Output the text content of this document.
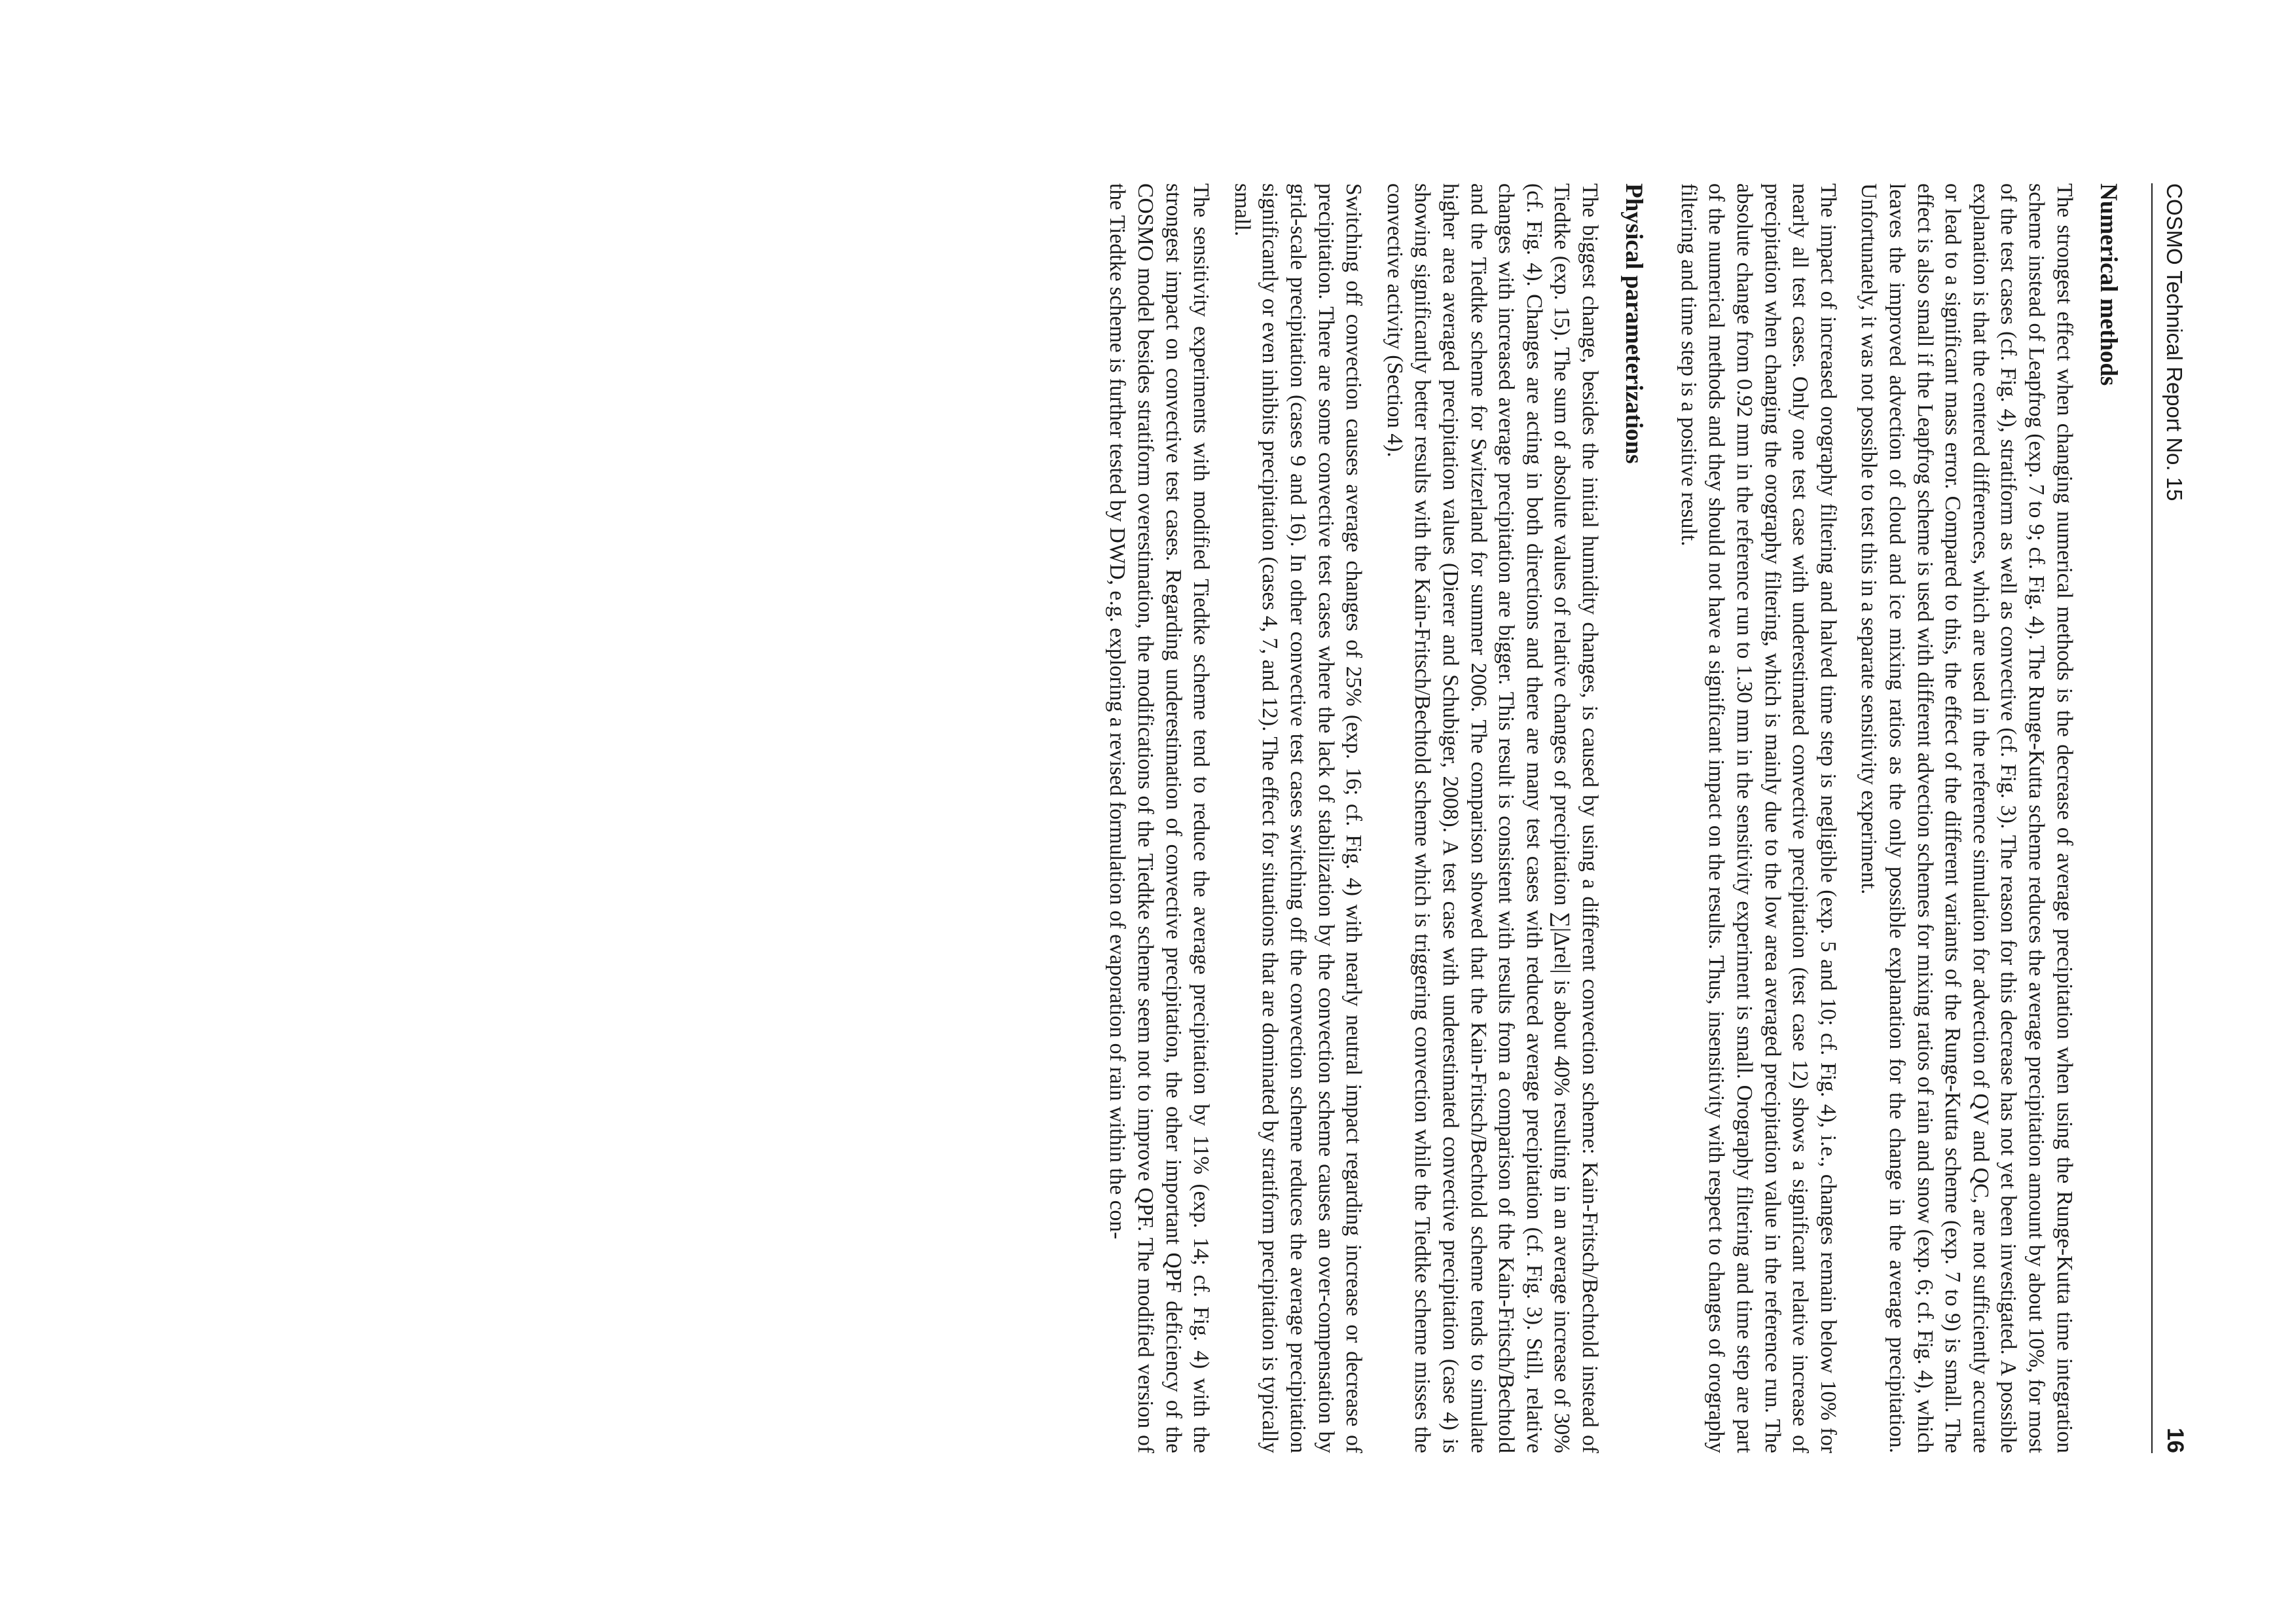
COSMO Technical Report No. 15
16
Numerical methods

The strongest effect when changing numerical methods is the decrease of average precipitation when using the Runge-Kutta time integration scheme instead of Leapfrog (exp. 7 to 9; cf. Fig. 4). The Runge-Kutta scheme reduces the average precipitation amount by about 10%, for most of the test cases (cf. Fig. 4), stratiform as well as convective (cf. Fig. 3). The reason for this decrease has not yet been investigated. A possible explanation is that the centered differences, which are used in the reference simulation for advection of QV and QC, are not sufficiently accurate or lead to a significant mass error. Compared to this, the effect of the different variants of the Runge-Kutta scheme (exp. 7 to 9) is small. The effect is also small if the Leapfrog scheme is used with different advection schemes for mixing ratios of rain and snow (exp. 6; cf. Fig. 4), which leaves the improved advection of cloud and ice mixing ratios as the only possible explanation for the change in the average precipitation. Unfortunately, it was not possible to test this in a separate sensitivity experiment.

The impact of increased orography filtering and halved time step is negligible (exp. 5 and 10; cf. Fig. 4), i.e., changes remain below 10% for nearly all test cases. Only one test case with underestimated convective precipitation (test case 12) shows a significant relative increase of precipitation when changing the orography filtering, which is mainly due to the low area averaged precipitation value in the reference run. The absolute change from 0.92 mm in the reference run to 1.30 mm in the sensitivity experiment is small. Orography filtering and time step are part of the numerical methods and they should not have a significant impact on the results. Thus, insensitivity with respect to changes of orography filtering and time step is a positive result.

Physical parameterizations

The biggest change, besides the initial humidity changes, is caused by using a different convection scheme: Kain-Fritsch/Bechtold instead of Tiedtke (exp. 15). The sum of absolute values of relative changes of precipitation ∑|Δrel| is about 40% resulting in an average increase of 30% (cf. Fig. 4). Changes are acting in both directions and there are many test cases with reduced average precipitation (cf. Fig. 3). Still, relative changes with increased average precipitation are bigger. This result is consistent with results from a comparison of the Kain-Fritsch/Bechtold and the Tiedtke scheme for Switzerland for summer 2006. The comparison showed that the Kain-Fritsch/Bechtold scheme tends to simulate higher area averaged precipitation values (Dierer and Schubiger, 2008). A test case with underestimated convective precipitation (case 4) is showing significantly better results with the Kain-Fritsch/Bechtold scheme which is triggering convection while the Tiedtke scheme misses the convective activity (Section 4).

Switching off convection causes average changes of 25% (exp. 16; cf. Fig. 4) with nearly neutral impact regarding increase or decrease of precipitation. There are some convective test cases where the lack of stabilization by the convection scheme causes an over-compensation by grid-scale precipitation (cases 9 and 16). In other convective test cases switching off the convection scheme reduces the average precipitation significantly or even inhibits precipitation (cases 4, 7, and 12). The effect for situations that are dominated by stratiform precipitation is typically small.

The sensitivity experiments with modified Tiedtke scheme tend to reduce the average precipitation by 11% (exp. 14; cf. Fig. 4) with the strongest impact on convective test cases. Regarding underestimation of convective precipitation, the other important QPF deficiency of the COSMO model besides stratiform overestimation, the modifications of the Tiedtke scheme seem not to improve QPF. The modified version of the Tiedtke scheme is further tested by DWD, e.g. exploring a revised formulation of evaporation of rain within the con-
